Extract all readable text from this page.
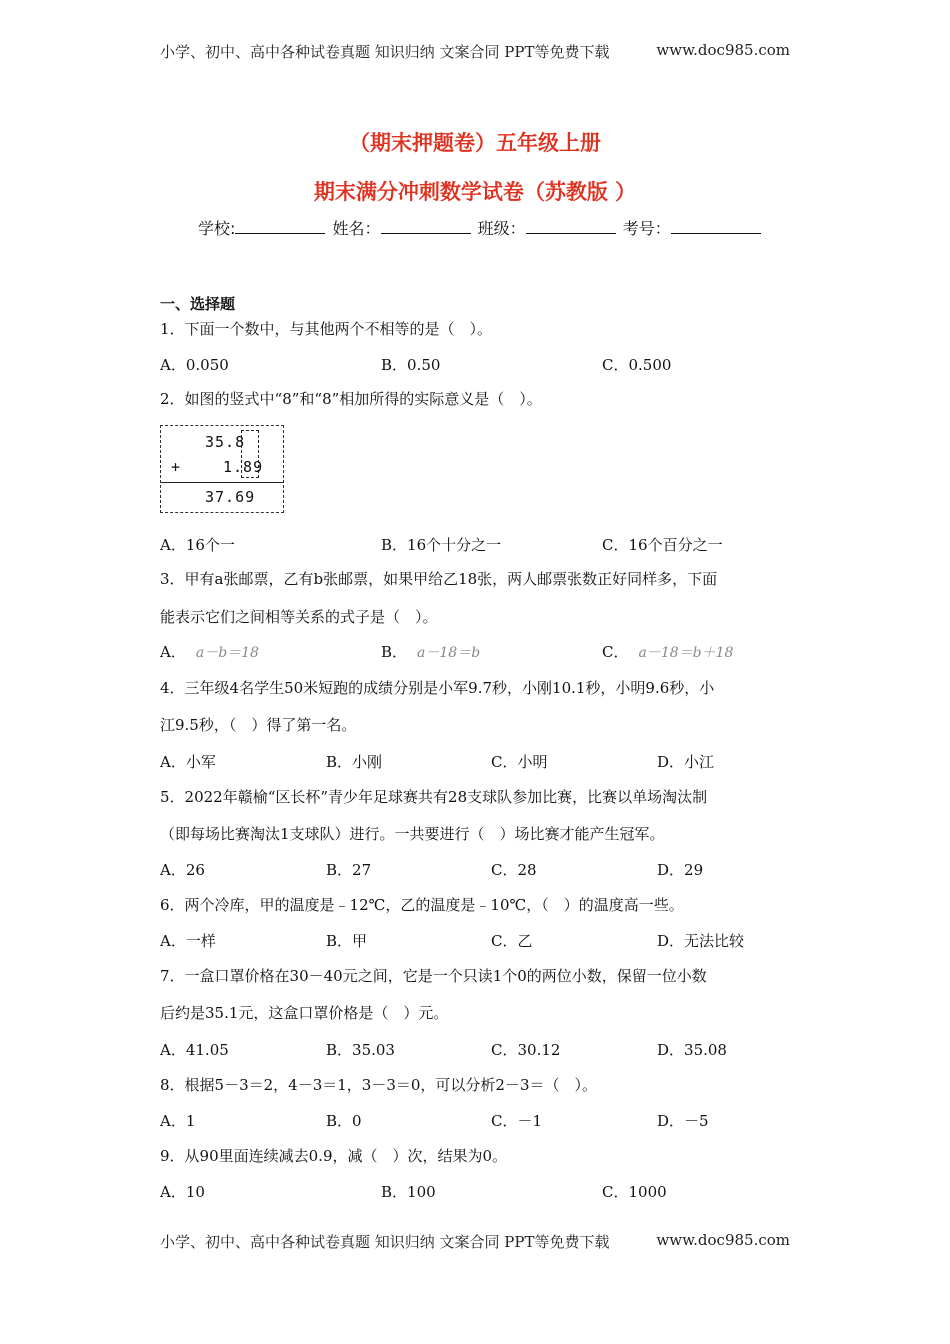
小学、初中、高中各种试卷真题 知识归纳 文案合同 PPT等免费下载	www.doc985.com
（期末押题卷）五年级上册
期末满分冲刺数学试卷（苏教版 ）
学校:	姓名：	班级：	考号：
一、选择题
1．下面一个数中，与其他两个不相等的是（　）。
A．0.050	B．0.50	C．0.500
2．如图的竖式中“8”和“8”相加所得的实际意义是（　）。
35.8
+	1.89
37.69
A．16个一	B．16个十分之一	C．16个百分之一
3．甲有a张邮票，乙有b张邮票，如果甲给乙18张，两人邮票张数正好同样多，下面
能表示它们之间相等关系的式子是（　）。
A． a－b＝18	B． a－18＝b	C． a－18＝b＋18
4．三年级4名学生50米短跑的成绩分别是小军9.7秒，小刚10.1秒，小明9.6秒，小
江9.5秒，（　）得了第一名。
A．小军	B．小刚	C．小明	D．小江
5．2022年赣榆“区长杯”青少年足球赛共有28支球队参加比赛，比赛以单场淘汰制
（即每场比赛淘汰1支球队）进行。一共要进行（　）场比赛才能产生冠军。
A．26	B．27	C．28	D．29
6．两个冷库，甲的温度是﹣12℃，乙的温度是﹣10℃，（　）的温度高一些。
A．一样	B．甲	C．乙	D．无法比较
7．一盒口罩价格在30－40元之间，它是一个只读1个0的两位小数，保留一位小数
后约是35.1元，这盒口罩价格是（　）元。
A．41.05	B．35.03	C．30.12	D．35.08
8．根据5－3＝2，4－3＝1，3－3＝0，可以分析2－3＝（　）。
A．1	B．0	C．－1	D．－5
9．从90里面连续减去0.9，减（　）次，结果为0。
A．10	B．100	C．1000
小学、初中、高中各种试卷真题 知识归纳 文案合同 PPT等免费下载	www.doc985.com
